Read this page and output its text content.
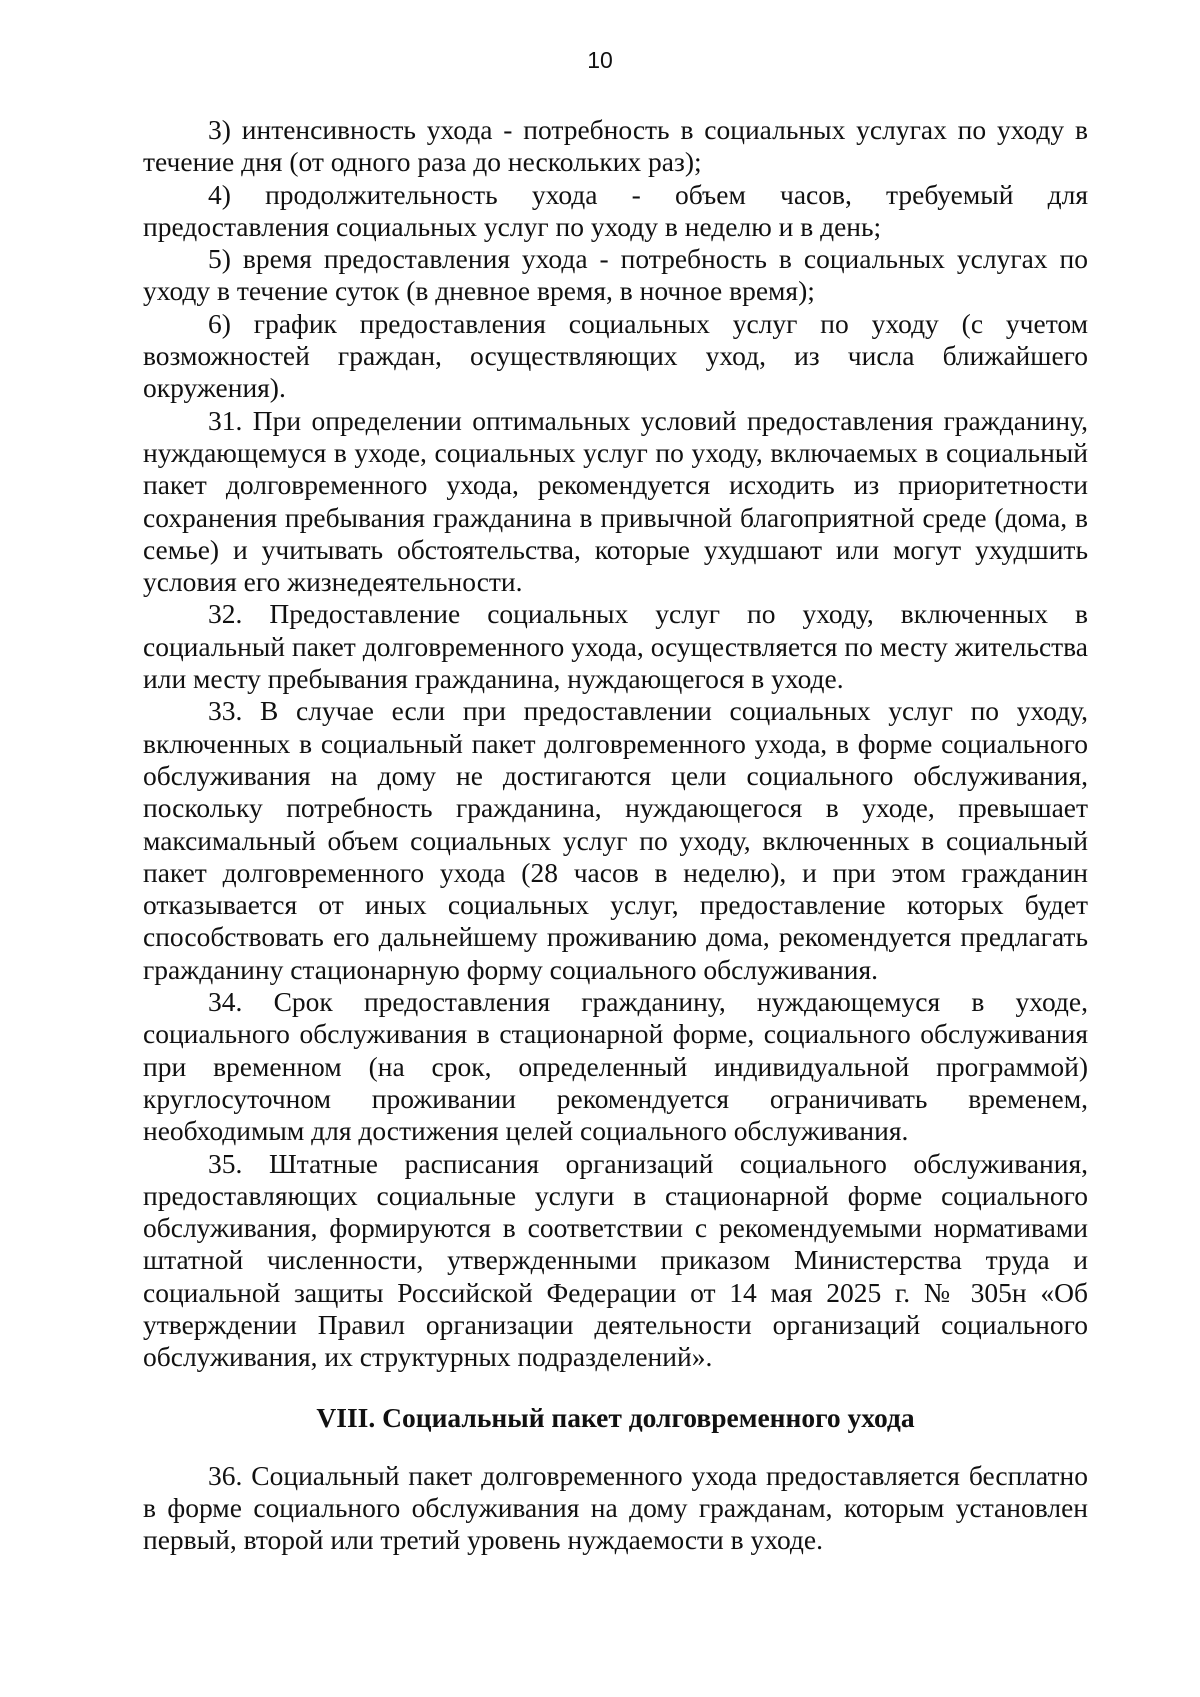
10

3) интенсивность ухода - потребность в социальных услугах по уходу в течение дня (от одного раза до нескольких раз);

4) продолжительность ухода - объем часов, требуемый для предоставления социальных услуг по уходу в неделю и в день;

5) время предоставления ухода - потребность в социальных услугах по уходу в течение суток (в дневное время, в ночное время);

6) график предоставления социальных услуг по уходу (с учетом возможностей граждан, осуществляющих уход, из числа ближайшего окружения).

31. При определении оптимальных условий предоставления гражданину, нуждающемуся в уходе, социальных услуг по уходу, включаемых в социальный пакет долговременного ухода, рекомендуется исходить из приоритетности сохранения пребывания гражданина в привычной благоприятной среде (дома, в семье) и учитывать обстоятельства, которые ухудшают или могут ухудшить условия его жизнедеятельности.

32. Предоставление социальных услуг по уходу, включенных в социальный пакет долговременного ухода, осуществляется по месту жительства или месту пребывания гражданина, нуждающегося в уходе.

33. В случае если при предоставлении социальных услуг по уходу, включенных в социальный пакет долговременного ухода, в форме социального обслуживания на дому не достигаются цели социального обслуживания, поскольку потребность гражданина, нуждающегося в уходе, превышает максимальный объем социальных услуг по уходу, включенных в социальный пакет долговременного ухода (28 часов в неделю), и при этом гражданин отказывается от иных социальных услуг, предоставление которых будет способствовать его дальнейшему проживанию дома, рекомендуется предлагать гражданину стационарную форму социального обслуживания.

34. Срок предоставления гражданину, нуждающемуся в уходе, социального обслуживания в стационарной форме, социального обслуживания при временном (на срок, определенный индивидуальной программой) круглосуточном проживании рекомендуется ограничивать временем, необходимым для достижения целей социального обслуживания.

35. Штатные расписания организаций социального обслуживания, предоставляющих социальные услуги в стационарной форме социального обслуживания, формируются в соответствии с рекомендуемыми нормативами штатной численности, утвержденными приказом Министерства труда и социальной защиты Российской Федерации от 14 мая 2025 г. № 305н «Об утверждении Правил организации деятельности организаций социального обслуживания, их структурных подразделений».

VIII. Социальный пакет долговременного ухода

36. Социальный пакет долговременного ухода предоставляется бесплатно в форме социального обслуживания на дому гражданам, которым установлен первый, второй или третий уровень нуждаемости в уходе.
